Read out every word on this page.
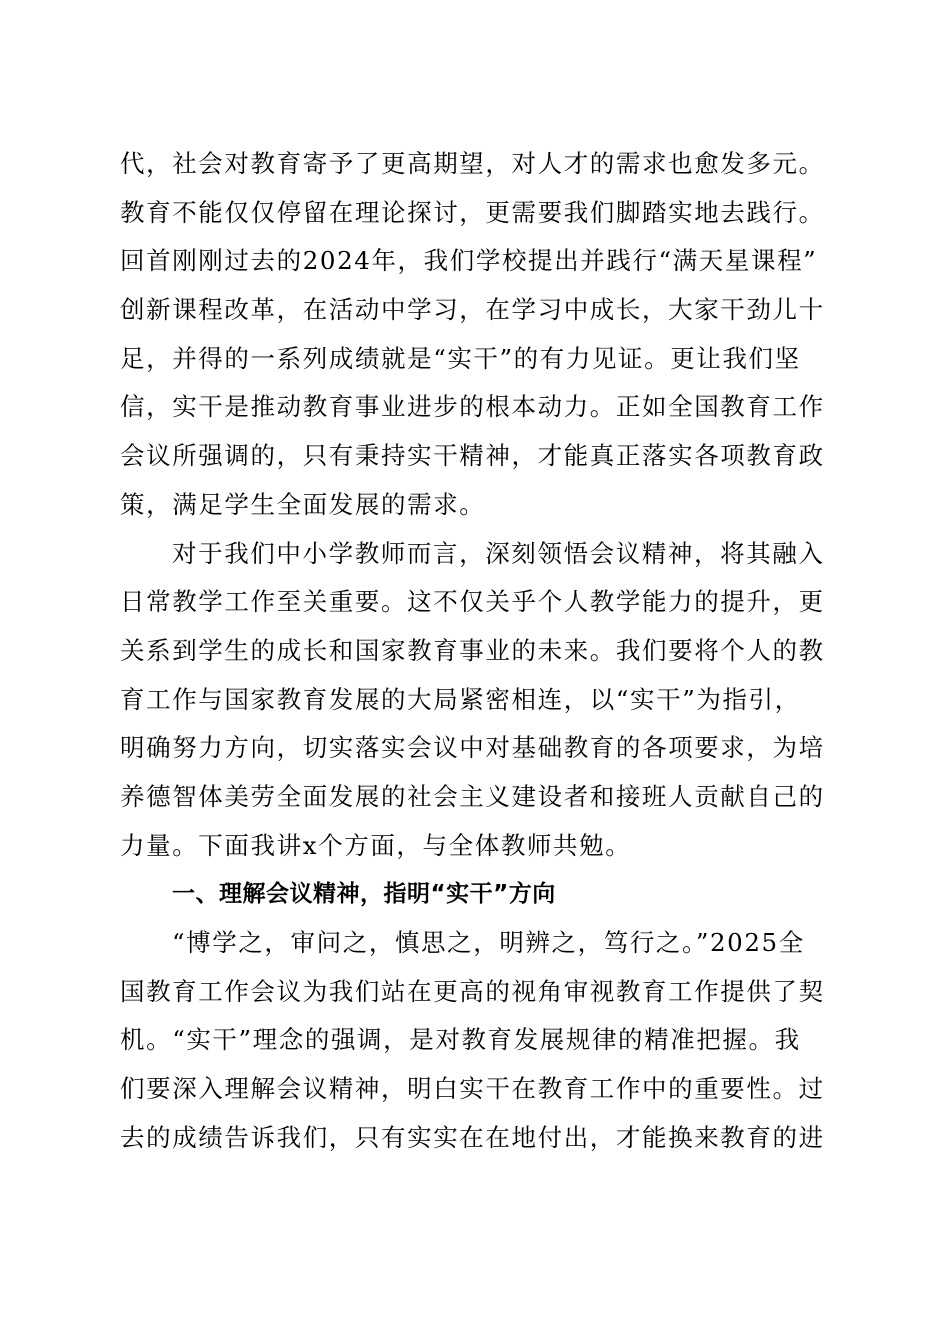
代，社会对教育寄予了更高期望，对人才的需求也愈发多元。
教育不能仅仅停留在理论探讨，更需要我们脚踏实地去践行。
回首刚刚过去的2024年，我们学校提出并践行“满天星课程”
创新课程改革，在活动中学习，在学习中成长，大家干劲儿十
足，并得的一系列成绩就是“实干”的有力见证。更让我们坚
信，实干是推动教育事业进步的根本动力。正如全国教育工作
会议所强调的，只有秉持实干精神，才能真正落实各项教育政
策，满足学生全面发展的需求。
对于我们中小学教师而言，深刻领悟会议精神，将其融入
日常教学工作至关重要。这不仅关乎个人教学能力的提升，更
关系到学生的成长和国家教育事业的未来。我们要将个人的教
育工作与国家教育发展的大局紧密相连，以“实干”为指引，
明确努力方向，切实落实会议中对基础教育的各项要求，为培
养德智体美劳全面发展的社会主义建设者和接班人贡献自己的
力量。下面我讲x个方面，与全体教师共勉。
一、理解会议精神，指明“实干”方向
“博学之，审问之，慎思之，明辨之，笃行之。”2025全
国教育工作会议为我们站在更高的视角审视教育工作提供了契
机。“实干”理念的强调，是对教育发展规律的精准把握。我
们要深入理解会议精神，明白实干在教育工作中的重要性。过
去的成绩告诉我们，只有实实在在地付出，才能换来教育的进
